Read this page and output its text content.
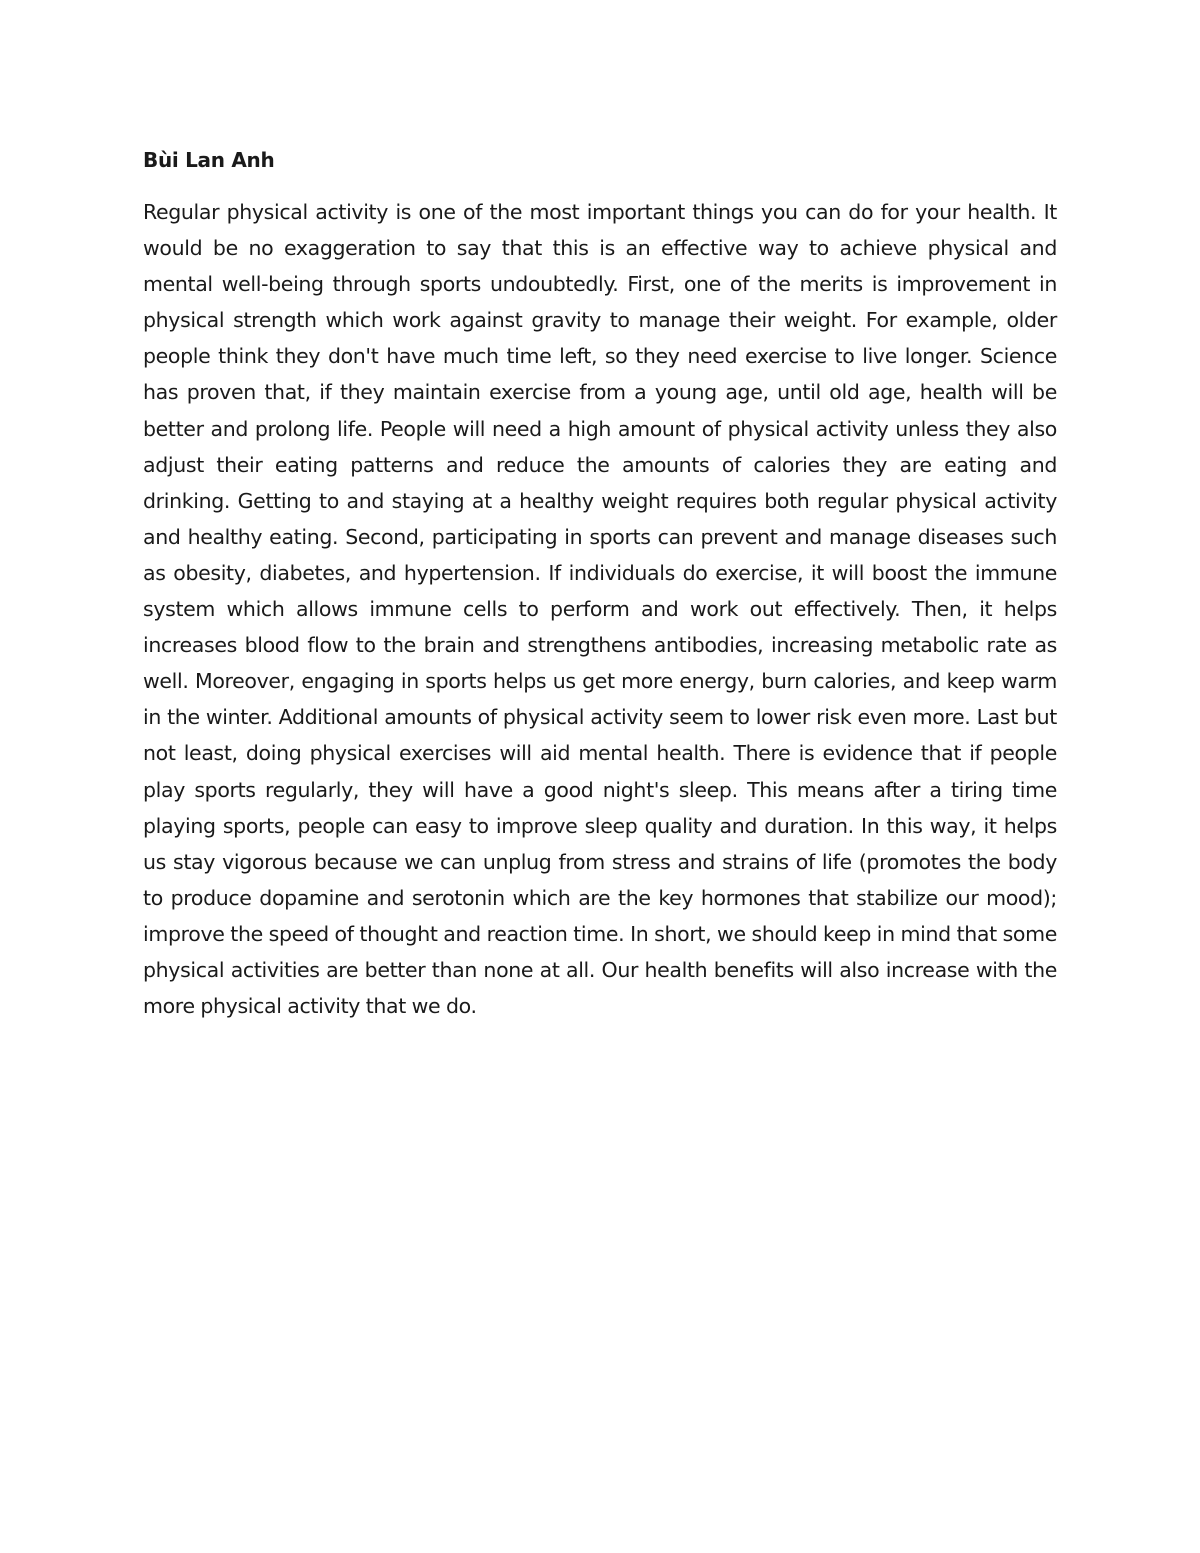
Bùi Lan Anh

Regular physical activity is one of the most important things you can do for your health. It would be no exaggeration to say that this is an effective way to achieve physical and mental well-being through sports undoubtedly. First, one of the merits is improvement in physical strength which work against gravity to manage their weight. For example, older people think they don't have much time left, so they need exercise to live longer. Science has proven that, if they maintain exercise from a young age, until old age, health will be better and prolong life. People will need a high amount of physical activity unless they also adjust their eating patterns and reduce the amounts of calories they are eating and drinking. Getting to and staying at a healthy weight requires both regular physical activity and healthy eating. Second, participating in sports can prevent and manage diseases such as obesity, diabetes, and hypertension. If individuals do exercise, it will boost the immune system which allows immune cells to perform and work out effectively. Then, it helps increases blood flow to the brain and strengthens antibodies, increasing metabolic rate as well. Moreover, engaging in sports helps us get more energy, burn calories, and keep warm in the winter. Additional amounts of physical activity seem to lower risk even more. Last but not least, doing physical exercises will aid mental health. There is evidence that if people play sports regularly, they will have a good night's sleep. This means after a tiring time playing sports, people can easy to improve sleep quality and duration. In this way, it helps us stay vigorous because we can unplug from stress and strains of life (promotes the body to produce dopamine and serotonin which are the key hormones that stabilize our mood); improve the speed of thought and reaction time. In short, we should keep in mind that some physical activities are better than none at all. Our health benefits will also increase with the more physical activity that we do.
